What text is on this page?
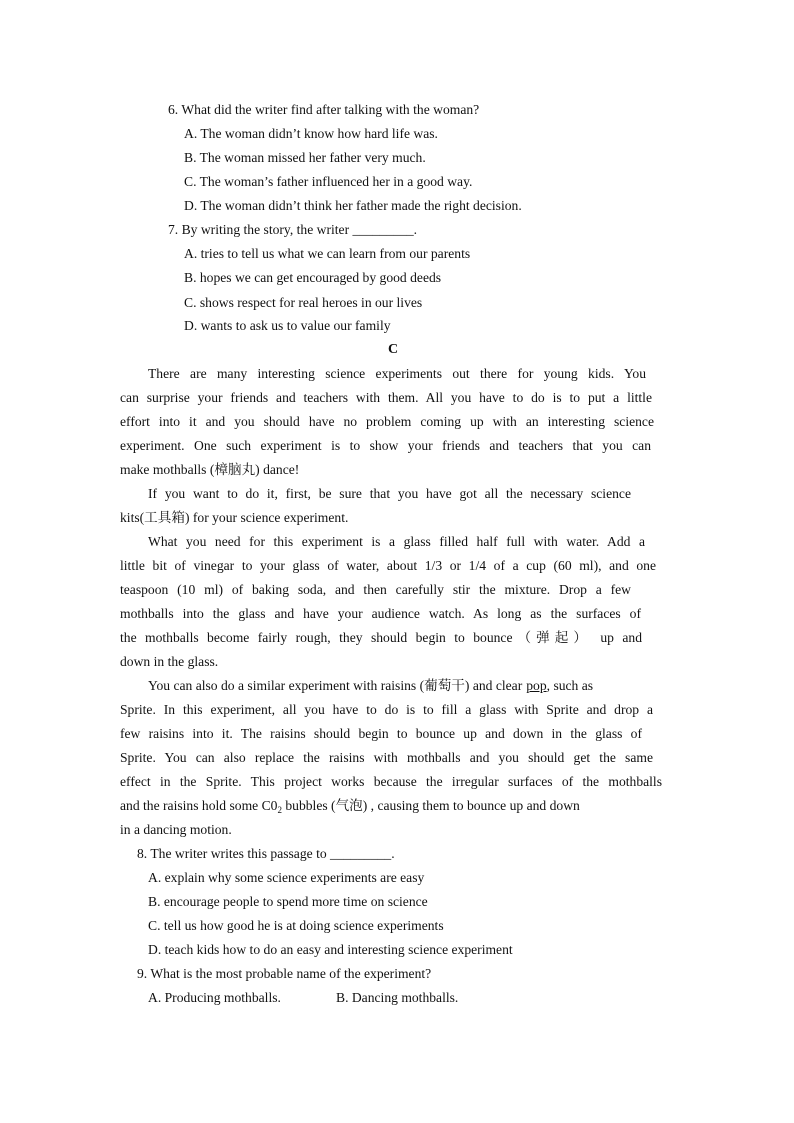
6. What did the writer find after talking with the woman?
A. The woman didn’t know how hard life was.
B. The woman missed her father very much.
C. The woman’s father influenced her in a good way.
D. The woman didn’t think her father made the right decision.
7. By writing the story, the writer _________.
A. tries to tell us what we can learn from our parents
B. hopes we can get encouraged by good deeds
C. shows respect for real heroes in our lives
D. wants to ask us to value our family
C
There are many interesting science experiments out there for young kids. You
can surprise your friends and teachers with them. All you have to do is to put a little
effort into it and you should have no problem coming up with an interesting science
experiment. One such experiment is to show your friends and teachers that you can
make mothballs (樟脑丸) dance!
If you want to do it, first, be sure that you have got all the necessary science
kits(工具箱) for your science experiment.
What you need for this experiment is a glass filled half full with water. Add a
little bit of vinegar to your glass of water, about 1/3 or 1/4 of a cup (60 ml), and one
teaspoon (10 ml) of baking soda, and then carefully stir the mixture. Drop a few
mothballs into the glass and have your audience watch. As long as the surfaces of
the mothballs become fairly rough, they should begin to bounce（弹起） up and
down in the glass.
You can also do a similar experiment with raisins (葡萄干) and clear pop, such as
Sprite. In this experiment, all you have to do is to fill a glass with Sprite and drop a
few raisins into it. The raisins should begin to bounce up and down in the glass of
Sprite. You can also replace the raisins with mothballs and you should get the same
effect in the Sprite. This project works because the irregular surfaces of the mothballs
and the raisins hold some $C0_2$ bubbles (气泡) , causing them to bounce up and down
in a dancing motion.
8. The writer writes this passage to _________.
A. explain why some science experiments are easy
B. encourage people to spend more time on science
C. tell us how good he is at doing science experiments
D. teach kids how to do an easy and interesting science experiment
9. What is the most probable name of the experiment?
A. Producing mothballs.	B. Dancing mothballs.
